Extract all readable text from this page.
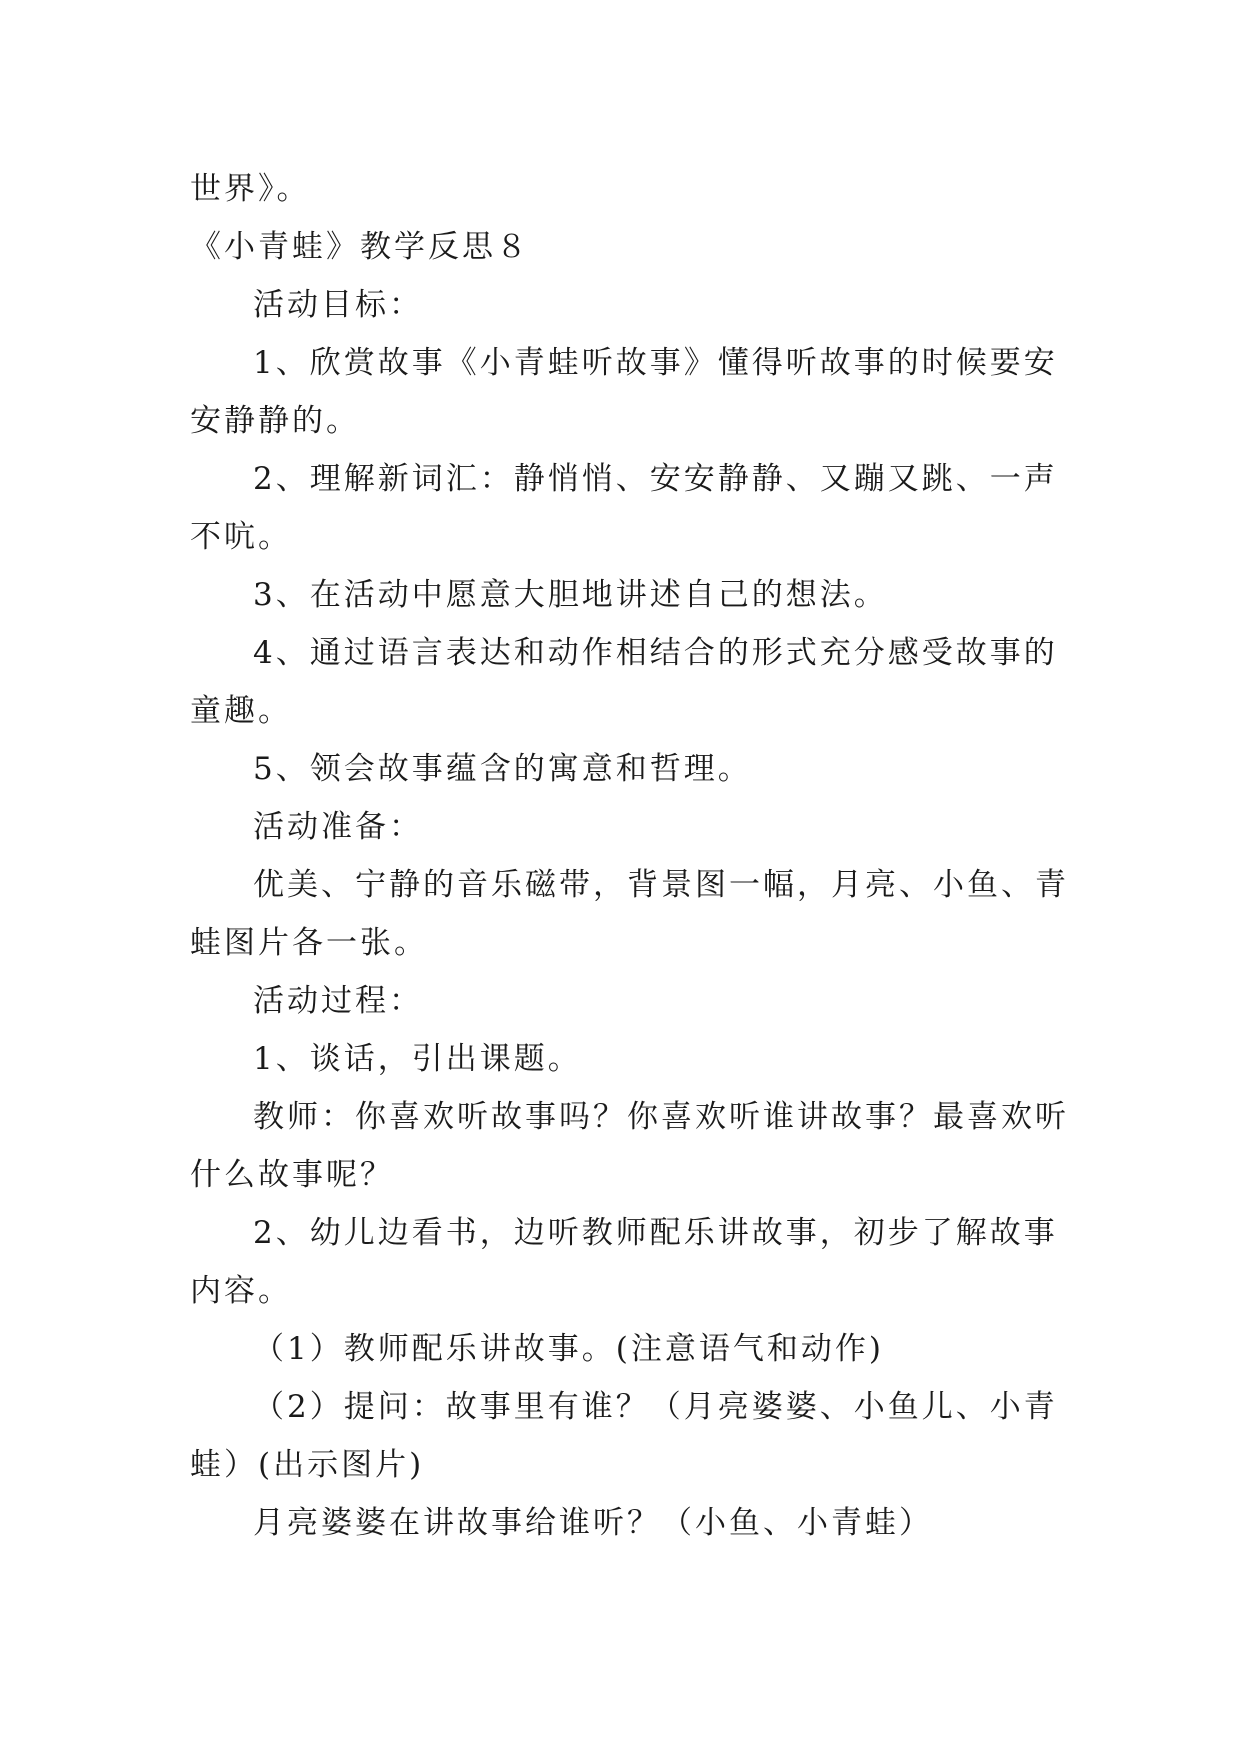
世界》。

《小青蛙》教学反思８

活动目标：

1、欣赏故事《小青蛙听故事》懂得听故事的时候要安

安静静的。

2、理解新词汇：静悄悄、安安静静、又蹦又跳、一声

不吭。

3、在活动中愿意大胆地讲述自己的想法。

4、通过语言表达和动作相结合的形式充分感受故事的

童趣。

5、领会故事蕴含的寓意和哲理。

活动准备：

优美、宁静的音乐磁带，背景图一幅，月亮、小鱼、青

蛙图片各一张。

活动过程：

1、谈话，引出课题。

教师：你喜欢听故事吗？你喜欢听谁讲故事？最喜欢听

什么故事呢？

2、幼儿边看书，边听教师配乐讲故事，初步了解故事

内容。

（1）教师配乐讲故事。(注意语气和动作)

（2）提问：故事里有谁？（月亮婆婆、小鱼儿、小青

蛙）(出示图片)

月亮婆婆在讲故事给谁听？（小鱼、小青蛙）
